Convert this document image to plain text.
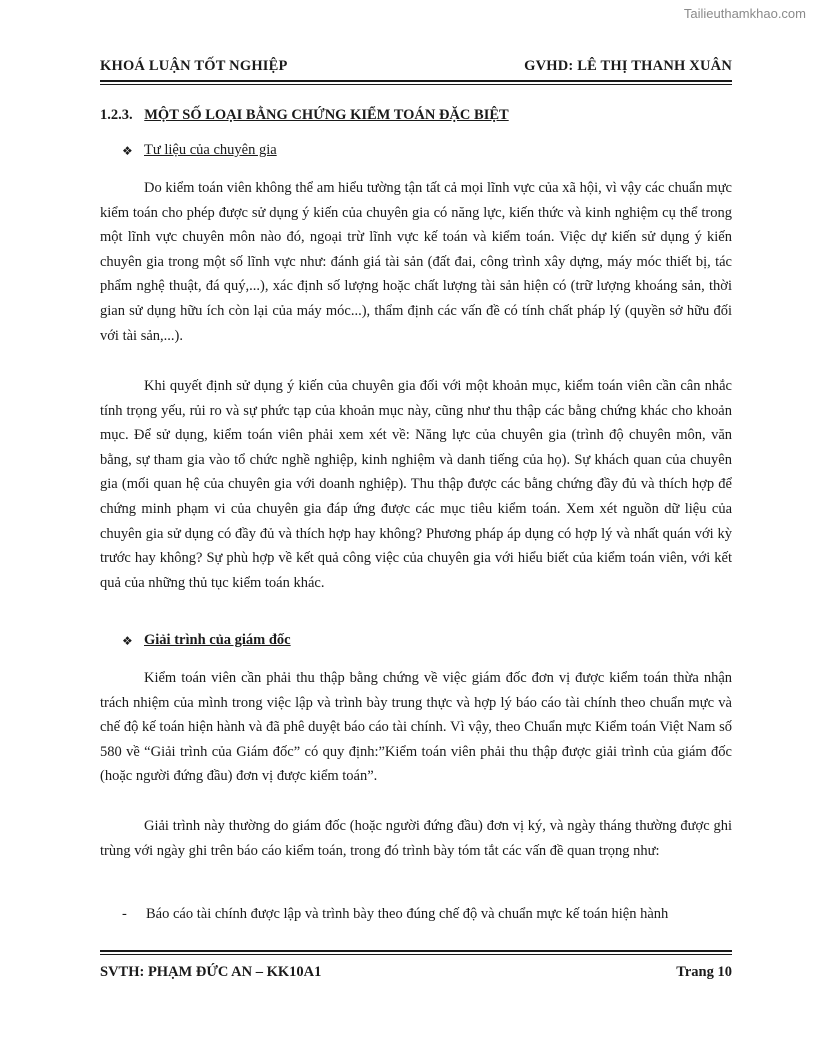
Tailieuthamkhao.com
KHOÁ LUẬN TỐT NGHIỆP	GVHD: LÊ THỊ THANH XUÂN
1.2.3. MỘT SỐ LOẠI BẰNG CHỨNG KIỂM TOÁN ĐẶC BIỆT
❖ Tư liệu của chuyên gia

Do kiểm toán viên không thể am hiểu tường tận tất cả mọi lĩnh vực của xã hội, vì vậy các chuẩn mực kiểm toán cho phép được sử dụng ý kiến của chuyên gia có năng lực, kiến thức và kinh nghiệm cụ thể trong một lĩnh vực chuyên môn nào đó, ngoại trừ lĩnh vực kế toán và kiểm toán. Việc dự kiến sử dụng ý kiến chuyên gia trong một số lĩnh vực như: đánh giá tài sản (đất đai, công trình xây dựng, máy móc thiết bị, tác phẩm nghệ thuật, đá quý,...), xác định số lượng hoặc chất lượng tài sản hiện có (trữ lượng khoáng sản, thời gian sử dụng hữu ích còn lại của máy móc...), thẩm định các vấn đề có tính chất pháp lý (quyền sở hữu đối với tài sản,...).

Khi quyết định sử dụng ý kiến của chuyên gia đối với một khoản mục, kiểm toán viên cần cân nhắc tính trọng yếu, rủi ro và sự phức tạp của khoản mục này, cũng như thu thập các bằng chứng khác cho khoản mục. Để sử dụng, kiểm toán viên phải xem xét về: Năng lực của chuyên gia (trình độ chuyên môn, văn bằng, sự tham gia vào tổ chức nghề nghiệp, kinh nghiệm và danh tiếng của họ). Sự khách quan của chuyên gia (mối quan hệ của chuyên gia với doanh nghiệp). Thu thập được các bằng chứng đầy đủ và thích hợp để chứng minh phạm vi của chuyên gia đáp ứng được các mục tiêu kiểm toán. Xem xét nguồn dữ liệu của chuyên gia sử dụng có đầy đủ và thích hợp hay không? Phương pháp áp dụng có hợp lý và nhất quán với kỳ trước hay không? Sự phù hợp về kết quả công việc của chuyên gia với hiểu biết của kiểm toán viên, với kết quả của những thủ tục kiểm toán khác.

❖ Giải trình của giám đốc

Kiểm toán viên cần phải thu thập bằng chứng về việc giám đốc đơn vị được kiểm toán thừa nhận trách nhiệm của mình trong việc lập và trình bày trung thực và hợp lý báo cáo tài chính theo chuẩn mực và chế độ kế toán hiện hành và đã phê duyệt báo cáo tài chính. Vì vậy, theo Chuẩn mực Kiểm toán Việt Nam số 580 về “Giải trình của Giám đốc” có quy định:”Kiểm toán viên phải thu thập được giải trình của giám đốc (hoặc người đứng đầu) đơn vị được kiểm toán”.

Giải trình này thường do giám đốc (hoặc người đứng đầu) đơn vị ký, và ngày tháng thường được ghi trùng với ngày ghi trên báo cáo kiểm toán, trong đó trình bày tóm tắt các vấn đề quan trọng như:

-	Báo cáo tài chính được lập và trình bày theo đúng chế độ và chuẩn mực kế toán hiện hành
SVTH: PHẠM ĐỨC AN – KK10A1	Trang 10
